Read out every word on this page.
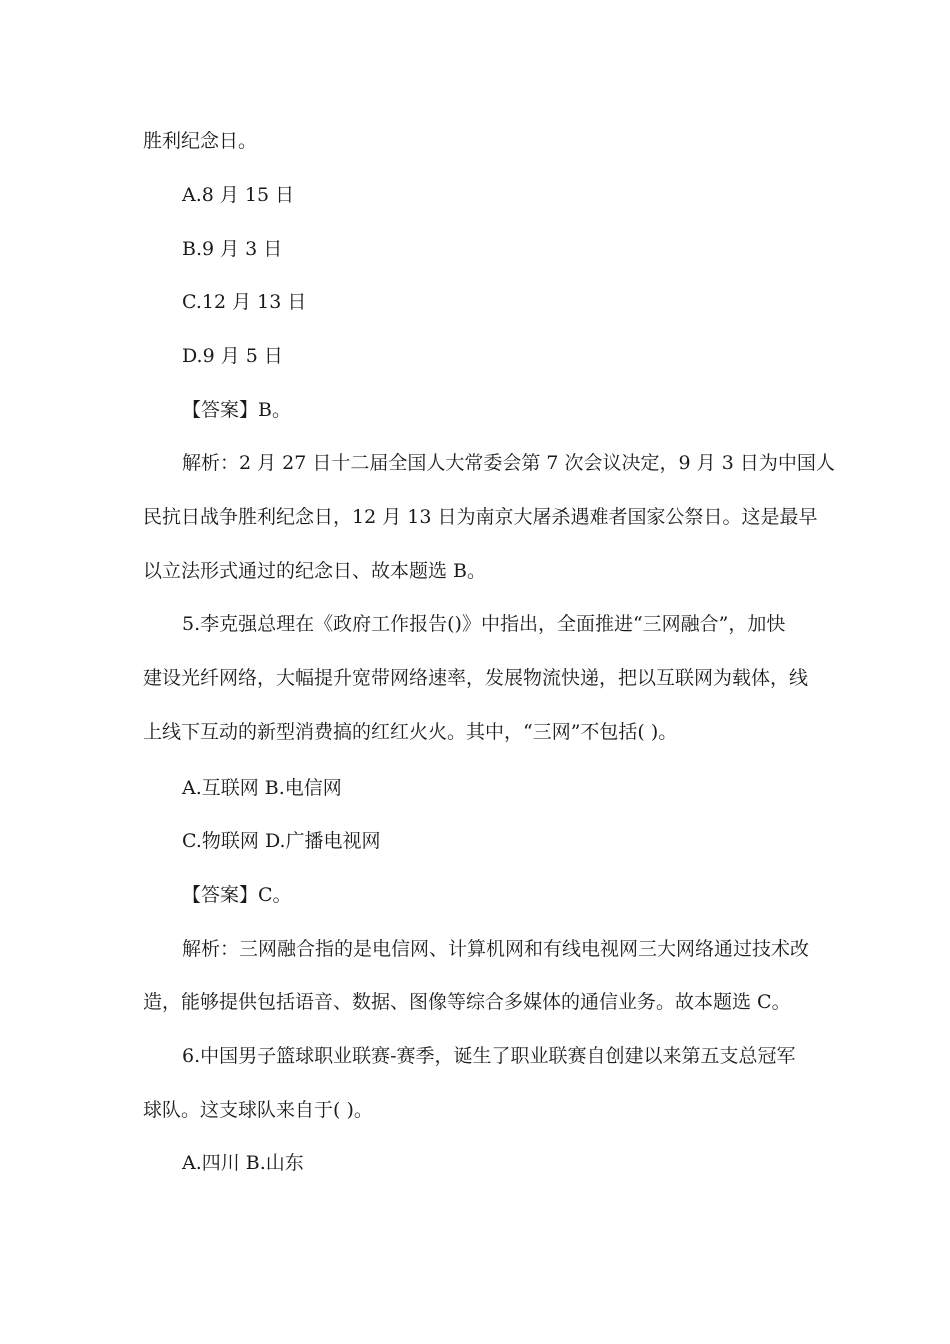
胜利纪念日。
A.8 月 15 日
B.9 月 3 日
C.12 月 13 日
D.9 月 5 日
【答案】B。
解析：2 月 27 日十二届全国人大常委会第 7 次会议决定，9 月 3 日为中国人
民抗日战争胜利纪念日，12 月 13 日为南京大屠杀遇难者国家公祭日。这是最早
以立法形式通过的纪念日、故本题选 B。
5.李克强总理在《政府工作报告()》中指出，全面推进“三网融合”，加快
建设光纤网络，大幅提升宽带网络速率，发展物流快递，把以互联网为载体，线
上线下互动的新型消费搞的红红火火。其中，“三网”不包括( )。
A.互联网 B.电信网
C.物联网 D.广播电视网
【答案】C。
解析：三网融合指的是电信网、计算机网和有线电视网三大网络通过技术改
造，能够提供包括语音、数据、图像等综合多媒体的通信业务。故本题选 C。
6.中国男子篮球职业联赛-赛季，诞生了职业联赛自创建以来第五支总冠军
球队。这支球队来自于( )。
A.四川 B.山东
